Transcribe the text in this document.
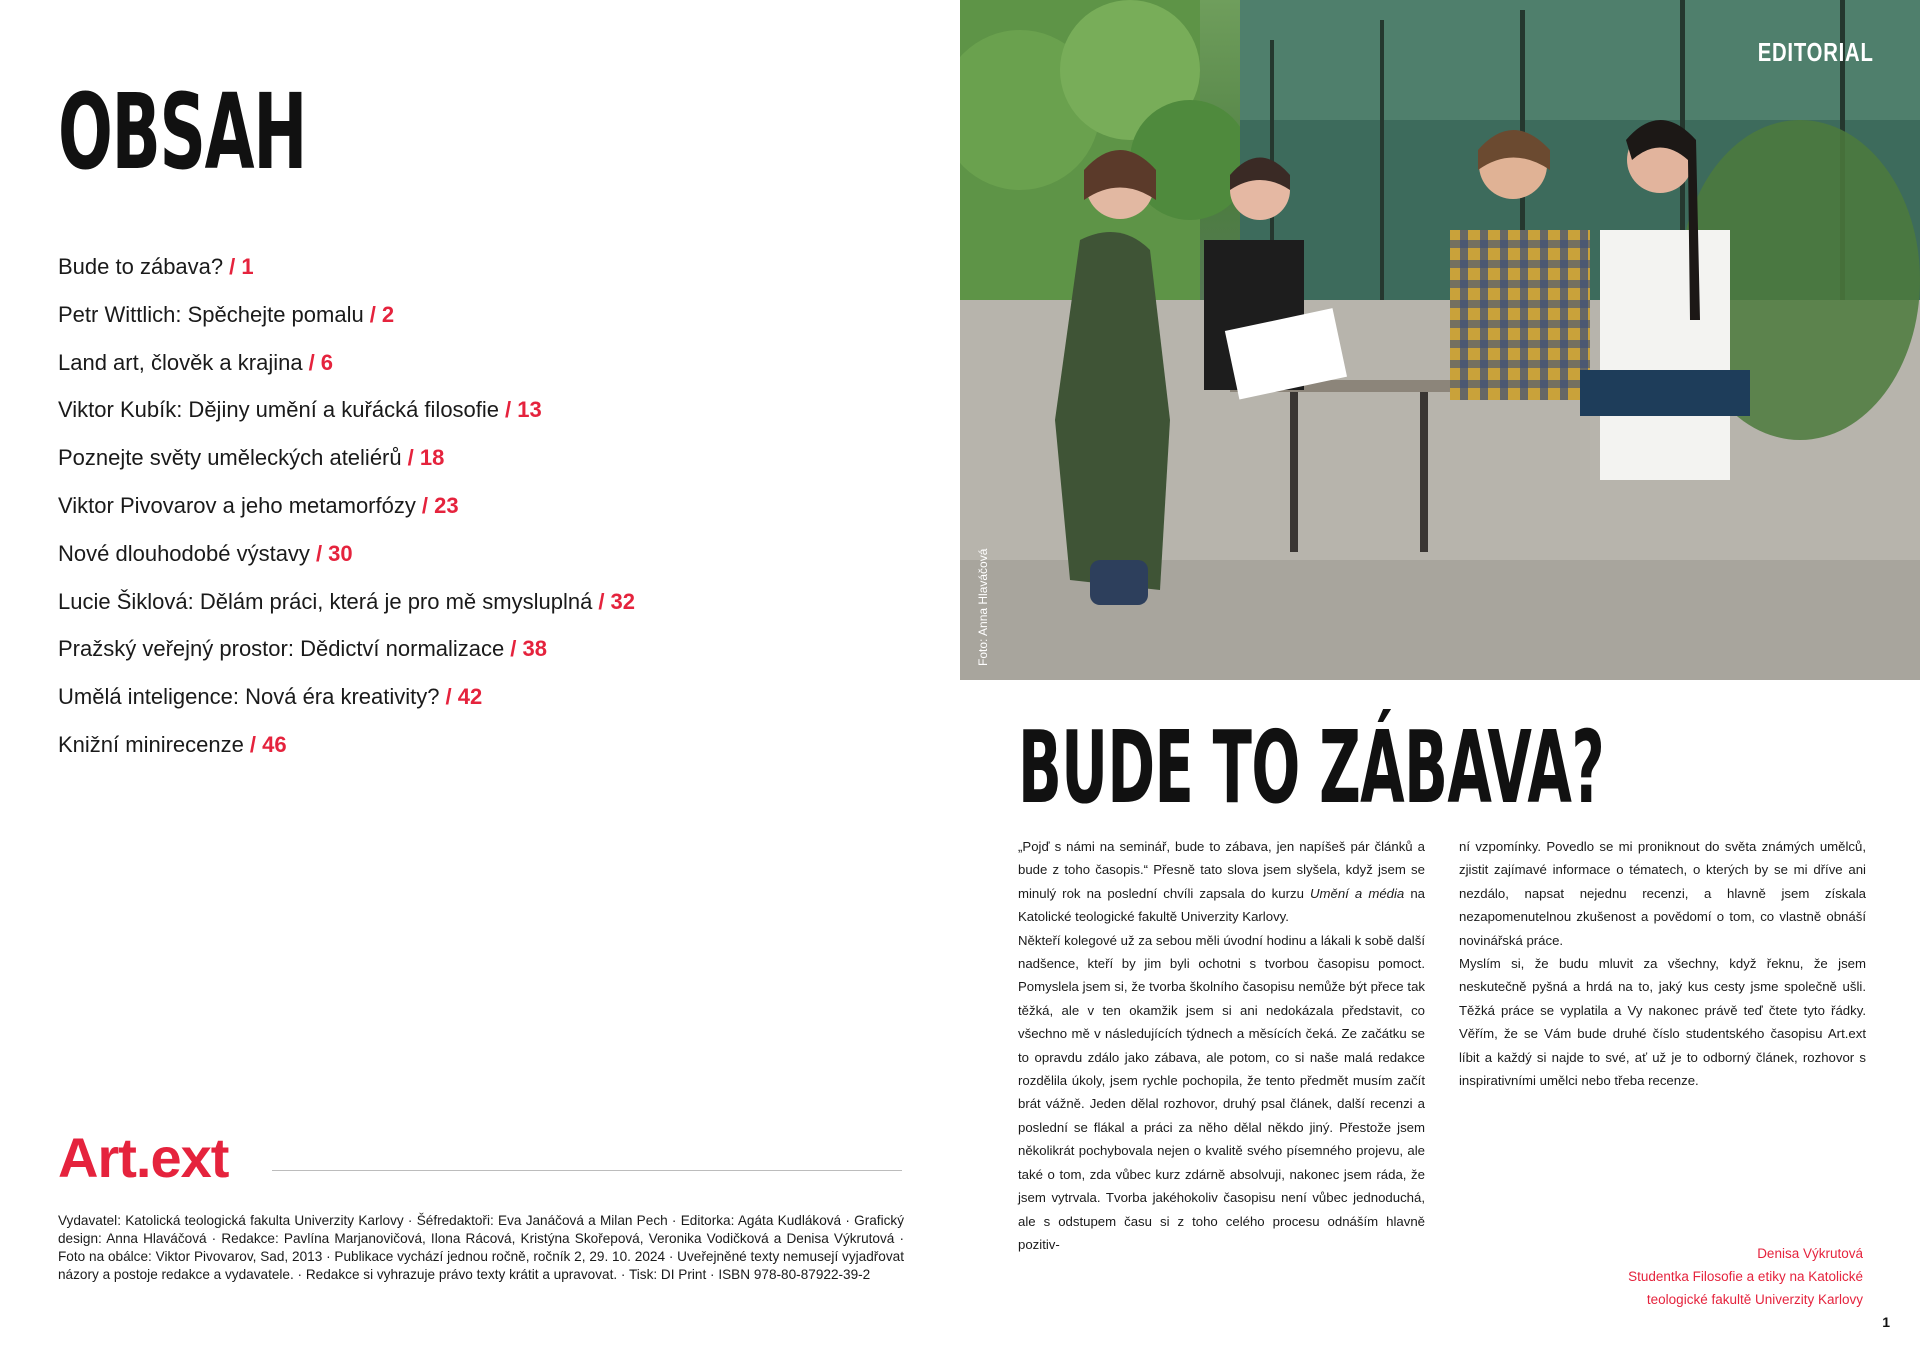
OBSAH
Bude to zábava? / 1
Petr Wittlich: Spěchejte pomalu / 2
Land art, člověk a krajina / 6
Viktor Kubík: Dějiny umění a kuřácká filosofie / 13
Poznejte světy uměleckých ateliérů / 18
Viktor Pivovarov a jeho metamorfózy / 23
Nové dlouhodobé výstavy / 30
Lucie Šiklová: Dělám práci, která je pro mě smysluplná / 32
Pražský veřejný prostor: Dědictví normalizace / 38
Umělá inteligence: Nová éra kreativity? / 42
Knižní minirecenze / 46
Art.ext

Vydavatel: Katolická teologická fakulta Univerzity Karlovy · Šéfredaktoři: Eva Janáčová a Milan Pech · Editorka: Agáta Kudláková · Grafický design: Anna Hlaváčová · Redakce: Pavlína Marjanovičová, Ilona Rácová, Kristýna Skořepová, Veronika Vodičková a Denisa Výkrutová · Foto na obálce: Viktor Pivovarov, Sad, 2013 · Publikace vychází jednou ročně, ročník 2, 29. 10. 2024 · Uveřejněné texty nemusejí vyjadřovat názory a postoje redakce a vydavatele. · Redakce si vyhrazuje právo texty krátit a upravovat. · Tisk: DI Print · ISBN 978-80-87922-39-2

Foto: Anna Hlaváčová
EDITORIAL
BUDE TO ZÁBAVA?

„Pojď s námi na seminář, bude to zábava, jen napíšeš pár článků a bude z toho časopis.“ Přesně tato slova jsem slyšela, když jsem se minulý rok na poslední chvíli zapsala do kurzu Umění a média na Katolické teologické fakultě Univerzity Karlovy.

Někteří kolegové už za sebou měli úvodní hodinu a lákali k sobě další nadšence, kteří by jim byli ochotni s tvorbou časopisu pomoct. Pomyslela jsem si, že tvorba školního časopisu nemůže být přece tak těžká, ale v ten okamžik jsem si ani nedokázala představit, co všechno mě v následujících týdnech a měsících čeká. Ze začátku se to opravdu zdálo jako zábava, ale potom, co si naše malá redakce rozdělila úkoly, jsem rychle pochopila, že tento předmět musím začít brát vážně. Jeden dělal rozhovor, druhý psal článek, další recenzi a poslední se flákal a práci za něho dělal někdo jiný. Přestože jsem několikrát pochybovala nejen o kvalitě svého písemného projevu, ale také o tom, zda vůbec kurz zdárně absolvuji, nakonec jsem ráda, že jsem vytrvala. Tvorba jakéhokoliv časopisu není vůbec jednoduchá, ale s odstupem času si z toho celého procesu odnáším hlavně pozitiv-

ní vzpomínky. Povedlo se mi proniknout do světa známých umělců, zjistit zajímavé informace o tématech, o kterých by se mi dříve ani nezdálo, napsat nejednu recenzi, a hlavně jsem získala nezapomenutelnou zkušenost a povědomí o tom, co vlastně obnáší novinářská práce.

Myslím si, že budu mluvit za všechny, když řeknu, že jsem neskutečně pyšná a hrdá na to, jaký kus cesty jsme společně ušli. Těžká práce se vyplatila a Vy nakonec právě teď čtete tyto řádky. Věřím, že se Vám bude druhé číslo studentského časopisu Art.ext líbit a každý si najde to své, ať už je to odborný článek, rozhovor s inspirativními umělci nebo třeba recenze.

Denisa Výkrutová
Studentka Filosofie a etiky na Katolické
teologické fakultě Univerzity Karlovy
1
